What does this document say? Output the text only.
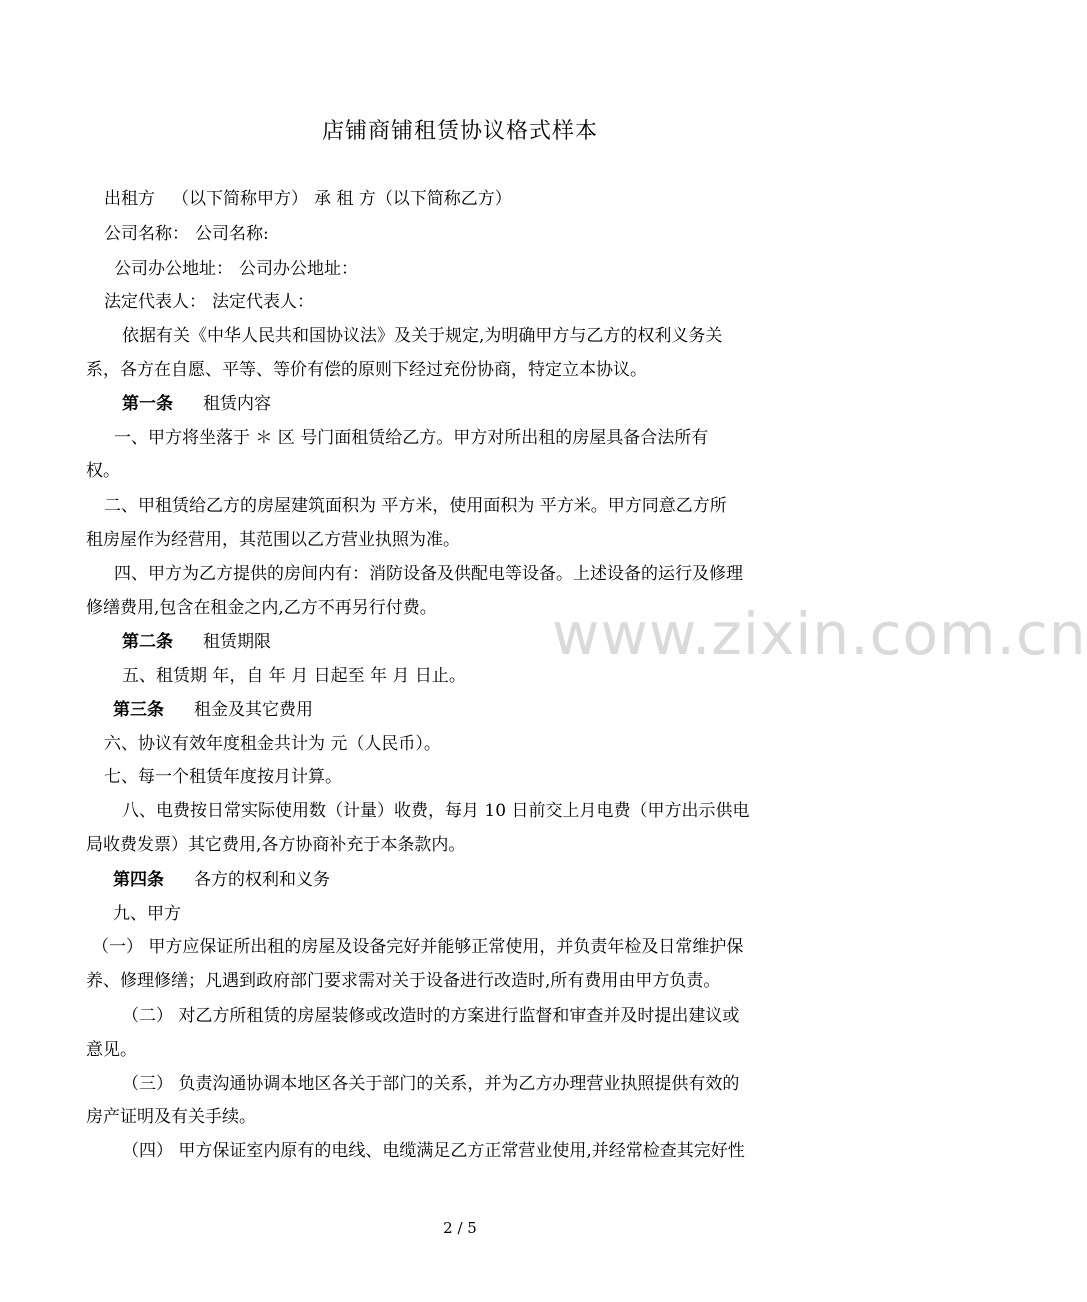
店铺商铺租赁协议格式样本
出租方 （以下简称甲方） 承 租 方（以下简称乙方）
公司名称： 公司名称:
公司办公地址： 公司办公地址：
法定代表人： 法定代表人：
依据有关《中华人民共和国协议法》及关于规定,为明确甲方与乙方的权利义务关
系，各方在自愿、平等、等价有偿的原则下经过充份协商，特定立本协议。
第一条 租赁内容
一、甲方将坐落于 ＊ 区 号门面租赁给乙方。甲方对所出租的房屋具备合法所有
权。
二、甲租赁给乙方的房屋建筑面积为 平方米，使用面积为 平方米。甲方同意乙方所
租房屋作为经营用，其范围以乙方营业执照为准。
四、甲方为乙方提供的房间内有：消防设备及供配电等设备。上述设备的运行及修理
修缮费用,包含在租金之内,乙方不再另行付费。
第二条 租赁期限
五、租赁期 年，自 年 月 日起至 年 月 日止。
第三条 租金及其它费用
六、协议有效年度租金共计为 元（人民币）。
七、每一个租赁年度按月计算。
八、电费按日常实际使用数（计量）收费，每月 10 日前交上月电费（甲方出示供电
局收费发票）其它费用,各方协商补充于本条款内。
第四条 各方的权利和义务
九、甲方
（一） 甲方应保证所出租的房屋及设备完好并能够正常使用，并负责年检及日常维护保
养、修理修缮；凡遇到政府部门要求需对关于设备进行改造时,所有费用由甲方负责。
（二） 对乙方所租赁的房屋装修或改造时的方案进行监督和审查并及时提出建议或
意见。
（三） 负责沟通协调本地区各关于部门的关系，并为乙方办理营业执照提供有效的
房产证明及有关手续。
（四） 甲方保证室内原有的电线、电缆满足乙方正常营业使用,并经常检查其完好性
www.zixin.com.cn
2 / 5
